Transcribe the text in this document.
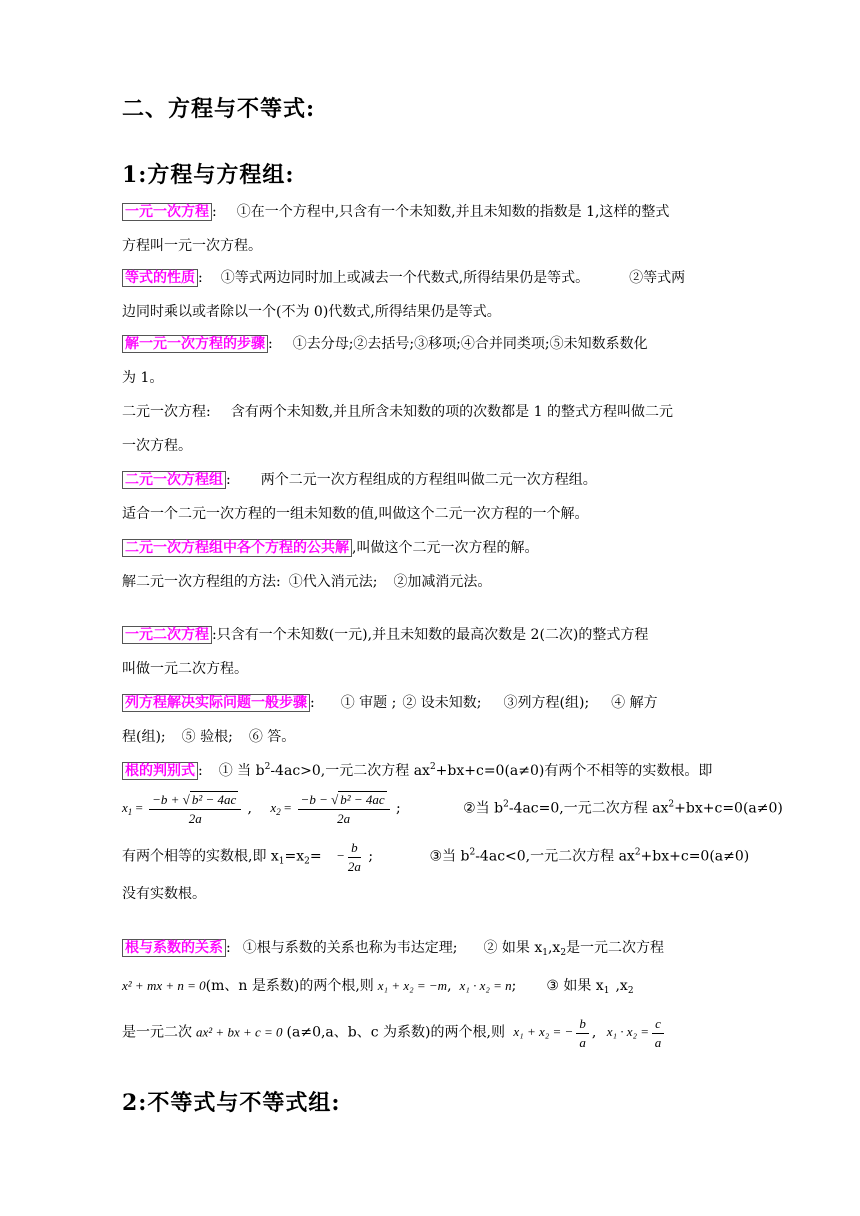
二、方程与不等式:
1:方程与方程组:
一元一次方程 : ①在一个方程中,只含有一个未知数,并且未知数的指数是 1,这样的整式
方程叫一元一次方程。
等式的性质 : ①等式两边同时加上或减去一个代数式,所得结果仍是等式。	②等式两
边同时乘以或者除以一个(不为 0)代数式,所得结果仍是等式。
解一元一次方程的步骤 : ①去分母;②去括号;③移项;④合并同类项;⑤未知数系数化
为 1。
二元一次方程: 含有两个未知数,并且所含未知数的项的次数都是 1 的整式方程叫做二元
一次方程。
二元一次方程组 : 两个二元一次方程组成的方程组叫做二元一次方程组。
适合一个二元一次方程的一组未知数的值,叫做这个二元一次方程的一个解。
二元一次方程组中各个方程的公共解 ,叫做这个二元一次方程的解。
解二元一次方程组的方法: ①代入消元法; ②加减消元法。
一元二次方程 :只含有一个未知数(一元),并且未知数的最高次数是 2(二次)的整式方程
叫做一元二次方程。
列方程解决实际问题一般步骤 : ① 审题 ; ② 设未知数; ③列方程(组); ④ 解方
程(组); ⑤ 验根; ⑥ 答。
根的判别式 : ① 当 $b^2-4ac>0$,一元二次方程 $ax^2+bx+c=0(a\ne 0)$有两个不相等的实数根。即
$x_1 = \frac{\text{−b + √ b² − 4ac}}{2a}$ , $x_2 = \frac{\text{−b − √ b² − 4ac}}{2a}$ ;	②当 $b^2-4ac=0$,一元二次方程 $ax^2+bx+c=0(a\ne 0)$
有两个相等的实数根,即 $x_1=x_2= - \frac{b}{2a}$ ;	③当 $b^2-4ac<0$,一元二次方程 $ax^2+bx+c=0(a\ne 0)$
没有实数根。
根与系数的关系 : ①根与系数的关系也称为韦达定理; ② 如果 $x_1,x_2$是一元二次方程
x² + mx + n = 0(m、n 是系数)的两个根,则 x₁ + x₂ = −m, x₁ · x₂ = n; ③ 如果 $x_1$ $,x_2$
是一元二次 ax² + bx + c = 0 (a≠0,a、b、c 为系数)的两个根,则 x₁ + x₂ = − $\frac{b}{a}$ , $x_1 \cdot x_2 = \frac{c}{a}$
2:不等式与不等式组:
